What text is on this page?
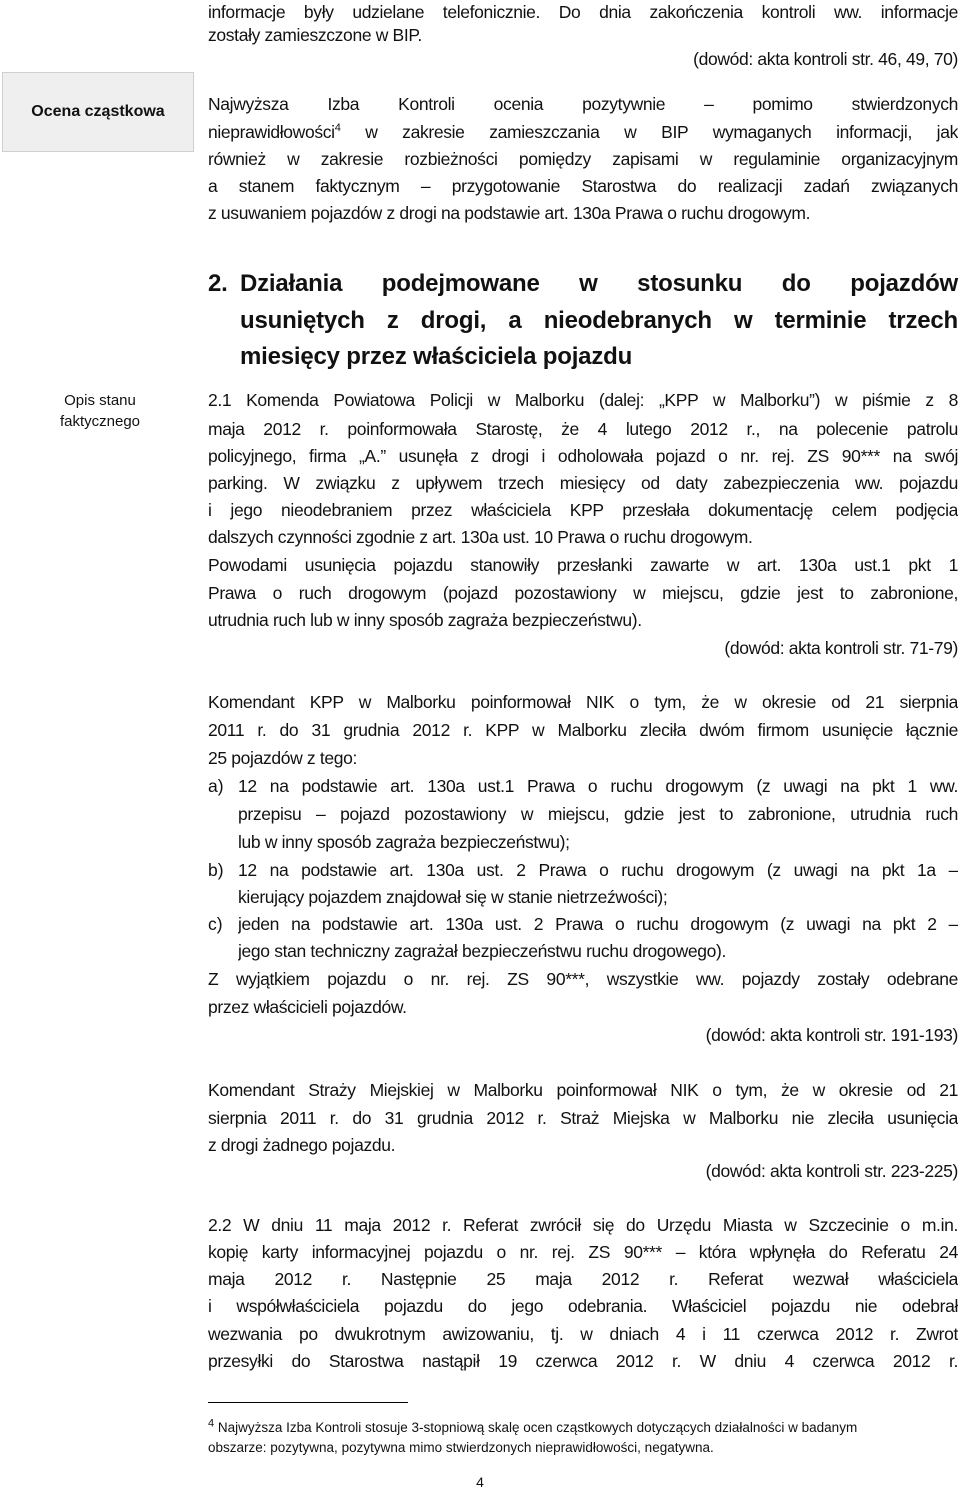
informacje były udzielane telefonicznie. Do dnia zakończenia kontroli ww. informacje
zostały zamieszczone w BIP.
(dowód: akta kontroli str. 46, 49, 70)
Ocena cząstkowa
Opis stanu
faktycznego
Najwyższa Izba Kontroli ocenia pozytywnie – pomimo stwierdzonych
nieprawidłowości$^4$ w zakresie zamieszczania w BIP wymaganych informacji, jak
również w zakresie rozbieżności pomiędzy zapisami w regulaminie organizacyjnym
a stanem faktycznym – przygotowanie Starostwa do realizacji zadań związanych
z usuwaniem pojazdów z drogi na podstawie art. 130a Prawa o ruchu drogowym.
2. Działania podejmowane w stosunku do pojazdów
usuniętych z drogi, a nieodebranych w terminie trzech
miesięcy przez właściciela pojazdu
2.1 Komenda Powiatowa Policji w Malborku (dalej: „KPP w Malborku”) w piśmie z 8
maja 2012 r. poinformowała Starostę, że 4 lutego 2012 r., na polecenie patrolu
policyjnego, firma „A.” usunęła z drogi i odholowała pojazd o nr. rej. ZS 90*** na swój
parking. W związku z upływem trzech miesięcy od daty zabezpieczenia ww. pojazdu
i jego nieodebraniem przez właściciela KPP przesłała dokumentację celem podjęcia
dalszych czynności zgodnie z art. 130a ust. 10 Prawa o ruchu drogowym.
Powodami usunięcia pojazdu stanowiły przesłanki zawarte w art. 130a ust.1 pkt 1
Prawa o ruch drogowym (pojazd pozostawiony w miejscu, gdzie jest to zabronione,
utrudnia ruch lub w inny sposób zagraża bezpieczeństwu).
(dowód: akta kontroli str. 71-79)
Komendant KPP w Malborku poinformował NIK o tym, że w okresie od 21 sierpnia
2011 r. do 31 grudnia 2012 r. KPP w Malborku zleciła dwóm firmom usunięcie łącznie
25 pojazdów z tego:
a) 12 na podstawie art. 130a ust.1 Prawa o ruchu drogowym (z uwagi na pkt 1 ww.
przepisu – pojazd pozostawiony w miejscu, gdzie jest to zabronione, utrudnia ruch
lub w inny sposób zagraża bezpieczeństwu);
b) 12 na podstawie art. 130a ust. 2 Prawa o ruchu drogowym (z uwagi na pkt 1a –
kierujący pojazdem znajdował się w stanie nietrzeźwości);
c) jeden na podstawie art. 130a ust. 2 Prawa o ruchu drogowym (z uwagi na pkt 2 –
jego stan techniczny zagrażał bezpieczeństwu ruchu drogowego).
Z wyjątkiem pojazdu o nr. rej. ZS 90***, wszystkie ww. pojazdy zostały odebrane
przez właścicieli pojazdów.
(dowód: akta kontroli str. 191-193)
Komendant Straży Miejskiej w Malborku poinformował NIK o tym, że w okresie od 21
sierpnia 2011 r. do 31 grudnia 2012 r. Straż Miejska w Malborku nie zleciła usunięcia
z drogi żadnego pojazdu.
(dowód: akta kontroli str. 223-225)
2.2 W dniu 11 maja 2012 r. Referat zwrócił się do Urzędu Miasta w Szczecinie o m.in.
kopię karty informacyjnej pojazdu o nr. rej. ZS 90*** – która wpłynęła do Referatu 24
maja 2012 r. Następnie 25 maja 2012 r. Referat wezwał właściciela
i współwłaściciela pojazdu do jego odebrania. Właściciel pojazdu nie odebrał
wezwania po dwukrotnym awizowaniu, tj. w dniach 4 i 11 czerwca 2012 r. Zwrot
przesyłki do Starostwa nastąpił 19 czerwca 2012 r. W dniu 4 czerwca 2012 r.
$^4$ Najwyższa Izba Kontroli stosuje 3-stopniową skalę ocen cząstkowych dotyczących działalności w badanym
obszarze: pozytywna, pozytywna mimo stwierdzonych nieprawidłowości, negatywna.
4
